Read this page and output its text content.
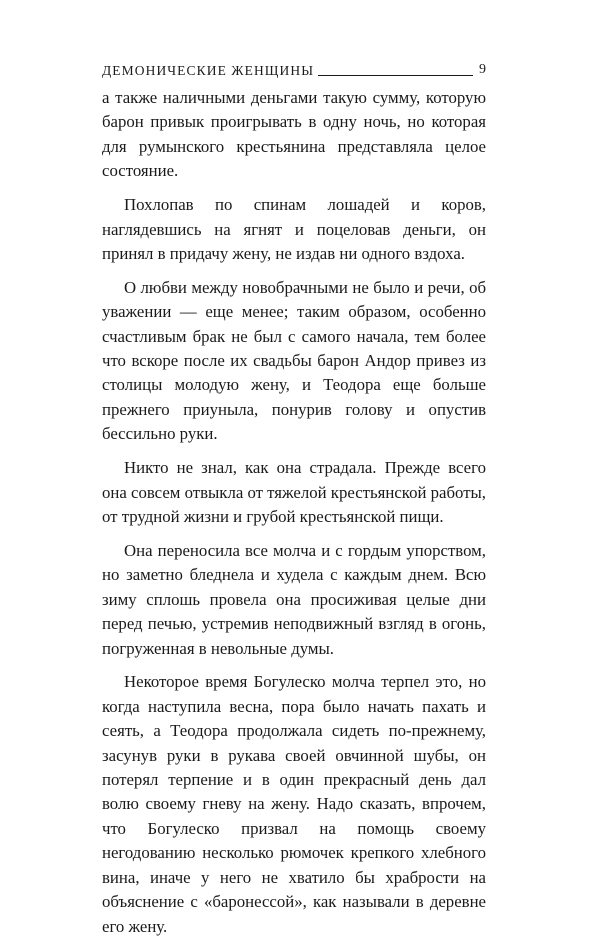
ДЕМОНИЧЕСКИЕ ЖЕНЩИНЫ	9

а также наличными деньгами такую сумму, которую барон привык проигрывать в одну ночь, но которая для румынского крестьянина представляла целое состояние.

Похлопав по спинам лошадей и коров, наглядевшись на ягнят и поцеловав деньги, он принял в придачу жену, не издав ни одного вздоха.

О любви между новобрачными не было и речи, об уважении — еще менее; таким образом, особенно счастливым брак не был с самого начала, тем более что вскоре после их свадьбы барон Андор привез из столицы молодую жену, и Теодора еще больше прежнего приуныла, понурив голову и опустив бессильно руки.

Никто не знал, как она страдала. Прежде всего она совсем отвыкла от тяжелой крестьянской работы, от трудной жизни и грубой крестьянской пищи.

Она переносила все молча и с гордым упорством, но заметно бледнела и худела с каждым днем. Всю зиму сплошь провела она просиживая целые дни перед печью, устремив неподвижный взгляд в огонь, погруженная в невольные думы.

Некоторое время Богулеско молча терпел это, но когда наступила весна, пора было начать пахать и сеять, а Теодора продолжала сидеть по-прежнему, засунув руки в рукава своей овчинной шубы, он потерял терпение и в один прекрасный день дал волю своему гневу на жену. Надо сказать, впрочем, что Богулеско призвал на помощь своему негодованию несколько рюмочек крепкого хлебного вина, иначе у него не хватило бы храбрости на объяснение с «баронессой», как называли в деревне его жену.
